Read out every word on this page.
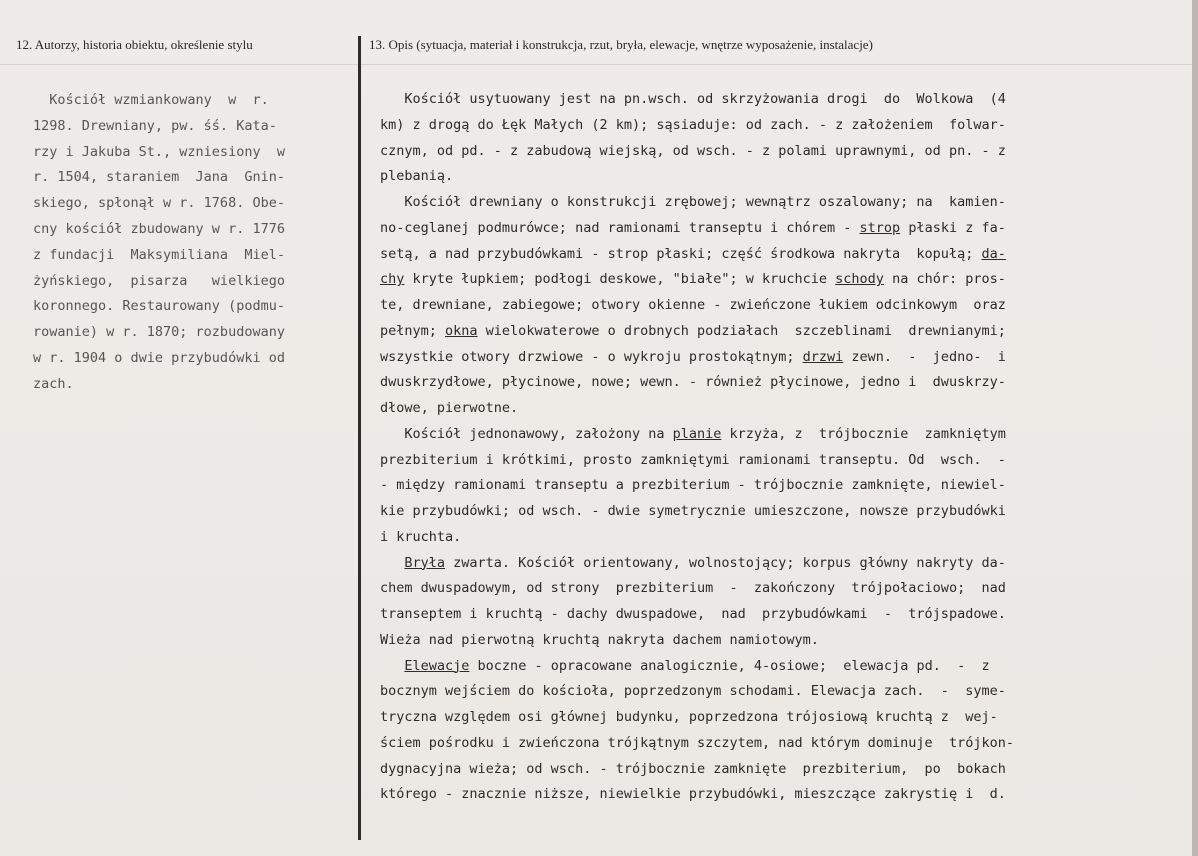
12. Autorzy, historia obiektu, określenie stylu	13. Opis (sytuacja, materiał i konstrukcja, rzut, bryła, elewacje, wnętrze wyposażenie, instalacje)
Kościół wzmiankowany  w  r.
1298. Drewniany, pw. śś. Kata-
rzy i Jakuba St., wzniesiony  w
r. 1504, staraniem  Jana  Gnin-
skiego, spłonął w r. 1768. Obe-
cny kościół zbudowany w r. 1776
z fundacji  Maksymiliana  Miel-
żyńskiego,  pisarza   wielkiego
koronnego. Restaurowany (podmu-
rowanie) w r. 1870; rozbudowany
w r. 1904 o dwie przybudówki od
zach.
Kościół usytuowany jest na pn.wsch. od skrzyżowania drogi  do  Wolkowa  (4
km) z drogą do Łęk Małych (2 km); sąsiaduje: od zach. - z założeniem  folwar-
cznym, od pd. - z zabudową wiejską, od wsch. - z polami uprawnymi, od pn. - z
plebanią.
Kościół drewniany o konstrukcji zrębowej; wewnątrz oszalowany; na  kamien-
no-ceglanej podmurówce; nad ramionami transeptu i chórem - strop płaski z fa-
setą, a nad przybudówkami - strop płaski; część środkowa nakryta  kopułą; da-
chy kryte łupkiem; podłogi deskowe, "białe"; w kruchcie schody na chór: pros-
te, drewniane, zabiegowe; otwory okienne - zwieńczone łukiem odcinkowym  oraz
pełnym; okna wielokwaterowe o drobnych podziałach  szczeblinami  drewnianymi;
wszystkie otwory drzwiowe - o wykroju prostokątnym; drzwi zewn.  -  jedno-  i
dwuskrzydłowe, płycinowe, nowe; wewn. - również płycinowe, jedno i  dwuskrzy-
dłowe, pierwotne.
Kościół jednonawowy, założony na planie krzyża, z  trójbocznie  zamkniętym
prezbiterium i krótkimi, prosto zamkniętymi ramionami transeptu. Od  wsch.  -
- między ramionami transeptu a prezbiterium - trójbocznie zamknięte, niewiel-
kie przybudówki; od wsch. - dwie symetrycznie umieszczone, nowsze przybudówki
i kruchta.
Bryła zwarta. Kościół orientowany, wolnostojący; korpus główny nakryty da-
chem dwuspadowym, od strony  prezbiterium  -  zakończony  trójpołaciowo;  nad
transeptem i kruchtą - dachy dwuspadowe,  nad  przybudówkami  -  trójspadowe.
Wieża nad pierwotną kruchtą nakryta dachem namiotowym.
Elewacje boczne - opracowane analogicznie, 4-osiowe;  elewacja pd.  -  z
bocznym wejściem do kościoła, poprzedzonym schodami. Elewacja zach.  -  syme-
tryczna względem osi głównej budynku, poprzedzona trójosiową kruchtą z  wej-
ściem pośrodku i zwieńczona trójkątnym szczytem, nad którym dominuje  trójkon-
dygnacyjna wieża; od wsch. - trójbocznie zamknięte  prezbiterium,  po  bokach
którego - znacznie niższe, niewielkie przybudówki, mieszczące zakrystię i  d.
